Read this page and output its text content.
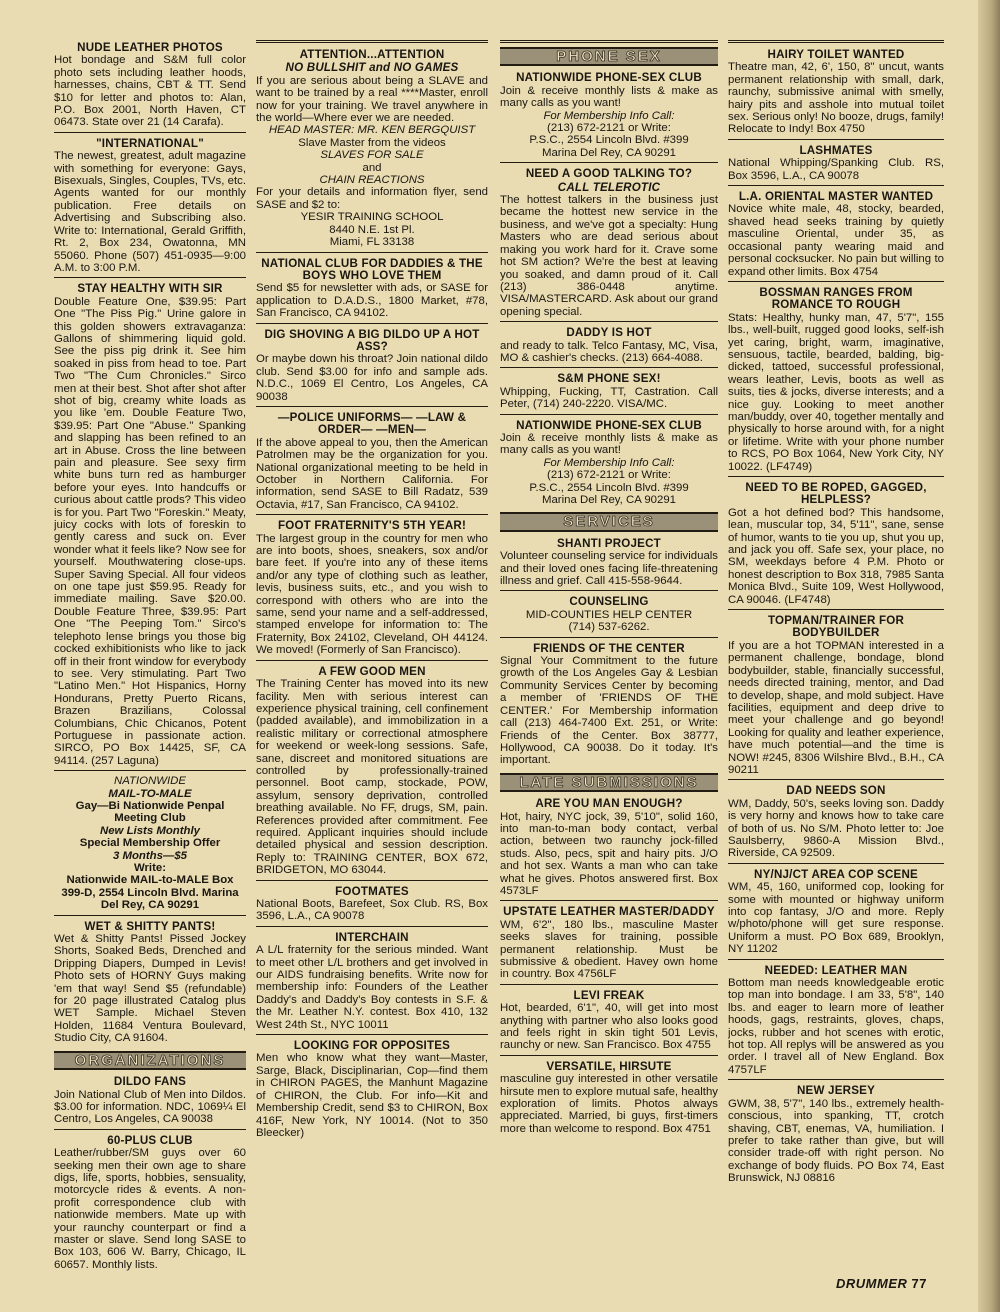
NUDE LEATHER PHOTOS
Hot bondage and S&M full color photo sets including leather hoods, harnesses, chains, CBT & TT. Send $10 for letter and photos to: Alan, P.O. Box 2001, North Haven, CT 06473. State over 21 (14 Carafa).
"INTERNATIONAL"
The newest, greatest, adult magazine with something for everyone: Gays, Bisexuals, Singles, Couples, TVs, etc. Agents wanted for our monthly publication. Free details on Advertising and Subscribing also. Write to: International, Gerald Griffith, Rt. 2, Box 234, Owatonna, MN 55060. Phone (507) 451-0935—9:00 A.M. to 3:00 P.M.
STAY HEALTHY WITH SIR
Double Feature One, $39.95: Part One "The Piss Pig." Urine galore in this golden showers extravaganza: Gallons of shimmering liquid gold. See the piss pig drink it. See him soaked in piss from head to toe. Part Two "The Cum Chronicles." Sirco men at their best. Shot after shot after shot of big, creamy white loads as you like 'em. Double Feature Two, $39.95: Part One "Abuse." Spanking and slapping has been refined to an art in Abuse. Cross the line between pain and pleasure. See sexy firm white buns turn red as hamburger before your eyes. Into handcuffs or curious about cattle prods? This video is for you. Part Two "Foreskin." Meaty, juicy cocks with lots of foreskin to gently caress and suck on. Ever wonder what it feels like? Now see for yourself. Mouthwatering close-ups. Super Saving Special. All four videos on one tape just $59.95. Ready for immediate mailing. Save $20.00. Double Feature Three, $39.95: Part One "The Peeping Tom." Sirco's telephoto lense brings you those big cocked exhibitionists who like to jack off in their front window for everybody to see. Very stimulating. Part Two "Latino Men." Hot Hispanics, Horny Hondurans, Pretty Puerto Ricans, Brazen Brazilians, Colossal Columbians, Chic Chicanos, Potent Portuguese in passionate action. SIRCO, PO Box 14425, SF, CA 94114. (257 Laguna)
NATIONWIDE
MAIL-TO-MALE
Gay—Bi Nationwide Penpal Meeting Club
New Lists Monthly
Special Membership Offer
3 Months—$5
Write:
Nationwide MAIL-to-MALE Box 399-D, 2554 Lincoln Blvd. Marina Del Rey, CA 90291
WET & SHITTY PANTS!
Wet & Shitty Pants! Pissed Jockey Shorts, Soaked Beds, Drenched and Dripping Diapers, Dumped in Levis! Photo sets of HORNY Guys making 'em that way! Send $5 (refundable) for 20 page illustrated Catalog plus WET Sample. Michael Steven Holden, 11684 Ventura Boulevard, Studio City, CA 91604.
ORGANIZATIONS
DILDO FANS
Join National Club of Men into Dildos. $3.00 for information. NDC, 1069¼ El Centro, Los Angeles, CA 90038
60-PLUS CLUB
Leather/rubber/SM guys over 60 seeking men their own age to share digs, life, sports, hobbies, sensuality, motorcycle rides & events. A non-profit correspondence club with nationwide members. Mate up with your raunchy counterpart or find a master or slave. Send long SASE to Box 103, 606 W. Barry, Chicago, IL 60657. Monthly lists.
ATTENTION...ATTENTION
NO BULLSHIT and NO GAMES
If you are serious about being a SLAVE and want to be trained by a real ****Master, enroll now for your training. We travel anywhere in the world—Where ever we are needed.
HEAD MASTER: MR. KEN BERGQUIST
Slave Master from the videos
SLAVES FOR SALE
and
CHAIN REACTIONS
For your details and information flyer, send SASE and $2 to:
YESIR TRAINING SCHOOL
8440 N.E. 1st Pl.
Miami, FL 33138
NATIONAL CLUB FOR DADDIES & THE BOYS WHO LOVE THEM
Send $5 for newsletter with ads, or SASE for application to D.A.D.S., 1800 Market, #78, San Francisco, CA 94102.
DIG SHOVING A BIG DILDO UP A HOT ASS?
Or maybe down his throat? Join national dildo club. Send $3.00 for info and sample ads. N.D.C., 1069 El Centro, Los Angeles, CA 90038
—POLICE UNIFORMS— —LAW & ORDER— —MEN—
If the above appeal to you, then the American Patrolmen may be the organization for you. National organizational meeting to be held in October in Northern California. For information, send SASE to Bill Radatz, 539 Octavia, #17, San Francisco, CA 94102.
FOOT FRATERNITY'S 5TH YEAR!
The largest group in the country for men who are into boots, shoes, sneakers, sox and/or bare feet. If you're into any of these items and/or any type of clothing such as leather, levis, business suits, etc., and you wish to correspond with others who are into the same, send your name and a self-addressed, stamped envelope for information to: The Fraternity, Box 24102, Cleveland, OH 44124. We moved! (Formerly of San Francisco).
A FEW GOOD MEN
The Training Center has moved into its new facility. Men with serious interest can experience physical training, cell confinement (padded available), and immobilization in a realistic military or correctional atmosphere for weekend or week-long sessions. Safe, sane, discreet and monitored situations are controlled by professionally-trained personnel. Boot camp, stockade, POW, assylum, sensory deprivation, controlled breathing available. No FF, drugs, SM, pain. References provided after commitment. Fee required. Applicant inquiries should include detailed physical and session description. Reply to: TRAINING CENTER, BOX 672, BRIDGETON, MO 63044.
FOOTMATES
National Boots, Barefeet, Sox Club. RS, Box 3596, L.A., CA 90078
INTERCHAIN
A L/L fraternity for the serious minded. Want to meet other L/L brothers and get involved in our AIDS fundraising benefits. Write now for membership info: Founders of the Leather Daddy's and Daddy's Boy contests in S.F. & the Mr. Leather N.Y. contest. Box 410, 132 West 24th St., NYC 10011
LOOKING FOR OPPOSITES
Men who know what they want—Master, Sarge, Black, Disciplinarian, Cop—find them in CHIRON PAGES, the Manhunt Magazine of CHIRON, the Club. For info—Kit and Membership Credit, send $3 to CHIRON, Box 416F, New York, NY 10014. (Not to 350 Bleecker)
PHONE SEX
NATIONWIDE PHONE-SEX CLUB
Join & receive monthly lists & make as many calls as you want!
For Membership Info Call:
(213) 672-2121 or Write:
P.S.C., 2554 Lincoln Blvd. #399
Marina Del Rey, CA 90291
NEED A GOOD TALKING TO?
CALL TELEROTIC
The hottest talkers in the business just became the hottest new service in the business, and we've got a specialty: Hung Masters who are dead serious about making you work hard for it. Crave some hot SM action? We're the best at leaving you soaked, and damn proud of it. Call (213) 386-0448 anytime. VISA/MASTERCARD. Ask about our grand opening special.
DADDY IS HOT
and ready to talk. Telco Fantasy, MC, Visa, MO & cashier's checks. (213) 664-4088.
S&M PHONE SEX!
Whipping, Fucking, TT, Castration. Call Peter, (714) 240-2220. VISA/MC.
NATIONWIDE PHONE-SEX CLUB
Join & receive monthly lists & make as many calls as you want!
For Membership Info Call:
(213) 672-2121 or Write:
P.S.C., 2554 Lincoln Blvd. #399
Marina Del Rey, CA 90291
SERVICES
SHANTI PROJECT
Volunteer counseling service for individuals and their loved ones facing life-threatening illness and grief. Call 415-558-9644.
COUNSELING
MID-COUNTIES HELP CENTER
(714) 537-6262.
FRIENDS OF THE CENTER
Signal Your Commitment to the future growth of the Los Angeles Gay & Lesbian Community Services Center by becoming a member of 'FRIENDS OF THE CENTER.' For Membership information call (213) 464-7400 Ext. 251, or Write: Friends of the Center. Box 38777, Hollywood, CA 90038. Do it today. It's important.
LATE SUBMISSIONS
ARE YOU MAN ENOUGH?
Hot, hairy, NYC jock, 39, 5'10", solid 160, into man-to-man body contact, verbal action, between two raunchy jock-filled studs. Also, pecs, spit and hairy pits. J/O and hot sex. Wants a man who can take what he gives. Photos answered first. Box 4573LF
UPSTATE LEATHER MASTER/DADDY
WM, 6'2", 180 lbs., masculine Master seeks slaves for training, possible permanent relationship. Must be submissive & obedient. Havey own home in country. Box 4756LF
LEVI FREAK
Hot, bearded, 6'1", 40, will get into most anything with partner who also looks good and feels right in skin tight 501 Levis, raunchy or new. San Francisco. Box 4755
VERSATILE, HIRSUTE
masculine guy interested in other versatile hirsute men to explore mutual safe, healthy exploration of limits. Photos always appreciated. Married, bi guys, first-timers more than welcome to respond. Box 4751
HAIRY TOILET WANTED
Theatre man, 42, 6', 150, 8" uncut, wants permanent relationship with small, dark, raunchy, submissive animal with smelly, hairy pits and asshole into mutual toilet sex. Serious only! No booze, drugs, family! Relocate to Indy! Box 4750
LASHMATES
National Whipping/Spanking Club. RS, Box 3596, L.A., CA 90078
L.A. ORIENTAL MASTER WANTED
Novice white male, 48, stocky, bearded, shaved head seeks training by quietly masculine Oriental, under 35, as occasional panty wearing maid and personal cocksucker. No pain but willing to expand other limits. Box 4754
BOSSMAN RANGES FROM ROMANCE TO ROUGH
Stats: Healthy, hunky man, 47, 5'7", 155 lbs., well-built, rugged good looks, self-ish yet caring, bright, warm, imaginative, sensuous, tactile, bearded, balding, big-dicked, tattoed, successful professional, wears leather, Levis, boots as well as suits, ties & jocks, diverse interests; and a nice guy. Looking to meet another man/buddy, over 40, together mentally and physically to horse around with, for a night or lifetime. Write with your phone number to RCS, PO Box 1064, New York City, NY 10022. (LF4749)
NEED TO BE ROPED, GAGGED, HELPLESS?
Got a hot defined bod? This handsome, lean, muscular top, 34, 5'11", sane, sense of humor, wants to tie you up, shut you up, and jack you off. Safe sex, your place, no SM, weekdays before 4 P.M. Photo or honest description to Box 318, 7985 Santa Monica Blvd., Suite 109, West Hollywood, CA 90046. (LF4748)
TOPMAN/TRAINER FOR BODYBUILDER
If you are a hot TOPMAN interested in a permanent challenge, bondage, blond bodybuilder, stable, financially successful, needs directed training, mentor, and Dad to develop, shape, and mold subject. Have facilities, equipment and deep drive to meet your challenge and go beyond! Looking for quality and leather experience, have much potential—and the time is NOW! #245, 8306 Wilshire Blvd., B.H., CA 90211
DAD NEEDS SON
WM, Daddy, 50's, seeks loving son. Daddy is very horny and knows how to take care of both of us. No S/M. Photo letter to: Joe Saulsberry, 9860-A Mission Blvd., Riverside, CA 92509.
NY/NJ/CT AREA COP SCENE
WM, 45, 160, uniformed cop, looking for some with mounted or highway uniform into cop fantasy, J/O and more. Reply w/photo/phone will get sure response. Uniform a must. PO Box 689, Brooklyn, NY 11202
NEEDED: LEATHER MAN
Bottom man needs knowledgeable erotic top man into bondage. I am 33, 5'8", 140 lbs. and eager to learn more of leather hoods, gags, restraints, gloves, chaps, jocks, rubber and hot scenes with erotic, hot top. All replys will be answered as you order. I travel all of New England. Box 4757LF
NEW JERSEY
GWM, 38, 5'7", 140 lbs., extremely health-conscious, into spanking, TT, crotch shaving, CBT, enemas, VA, humiliation. I prefer to take rather than give, but will consider trade-off with right person. No exchange of body fluids. PO Box 74, East Brunswick, NJ 08816
DRUMMER 77
